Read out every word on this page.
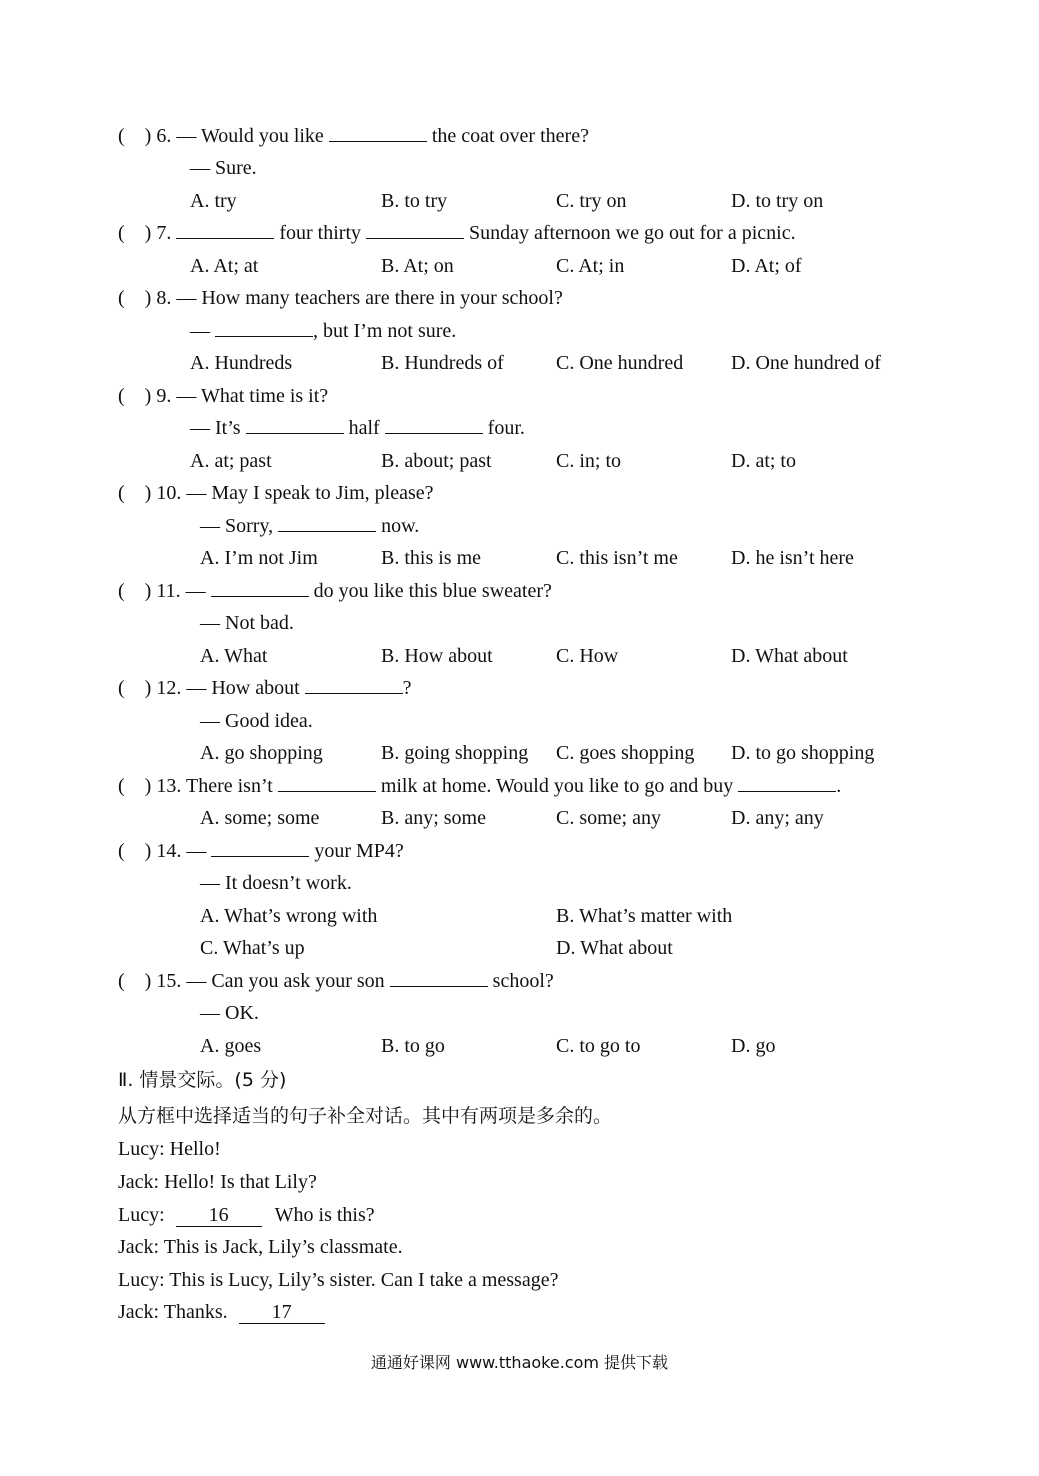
( ) 6. — Would you like	the coat over there?
— Sure.
A. try	B. to try	C. try on	D. to try on
( ) 7.	four thirty	Sunday afternoon we go out for a picnic.
A. At; at	B. At; on	C. At; in	D. At; of
( ) 8. — How many teachers are there in your school?
—	, but I’m not sure.
A. Hundreds	B. Hundreds of	C. One hundred D. One hundred of
( ) 9. — What time is it?
— It’s	half	four.
A. at; past	B. about; past	C. in; to	D. at; to
( ) 10. — May I speak to Jim, please?
— Sorry,	now.
A. I’m not Jim	B. this is me	C. this isn’t me	D. he isn’t here
( ) 11. —	do you like this blue sweater?
— Not bad.
A. What	B. How about	C. How	D. What about
( ) 12. — How about	?
— Good idea.
A. go shopping	B. going shopping C. goes shopping D. to go shopping
( ) 13. There isn’t	milk at home. Would you like to go and buy	.
A. some; some	B. any; some	C. some; any	D. any; any
( ) 14. —	your MP4?
— It doesn’t work.
A. What’s wrong with	B. What’s matter with
C. What’s up	D. What about
( ) 15. — Can you ask your son	school?
— OK.
A. goes	B. to go	C. to go to	D. go
Ⅱ. 情景交际。(5 分)
从方框中选择适当的句子补全对话。其中有两项是多余的。
Lucy: Hello!
Jack: Hello! Is that Lily?
Lucy: 16 Who is this?
Jack: This is Jack, Lily’s classmate.
Lucy: This is Lucy, Lily’s sister. Can I take a message?
Jack: Thanks. 17
通通好课网 www.tthaoke.com 提供下载
